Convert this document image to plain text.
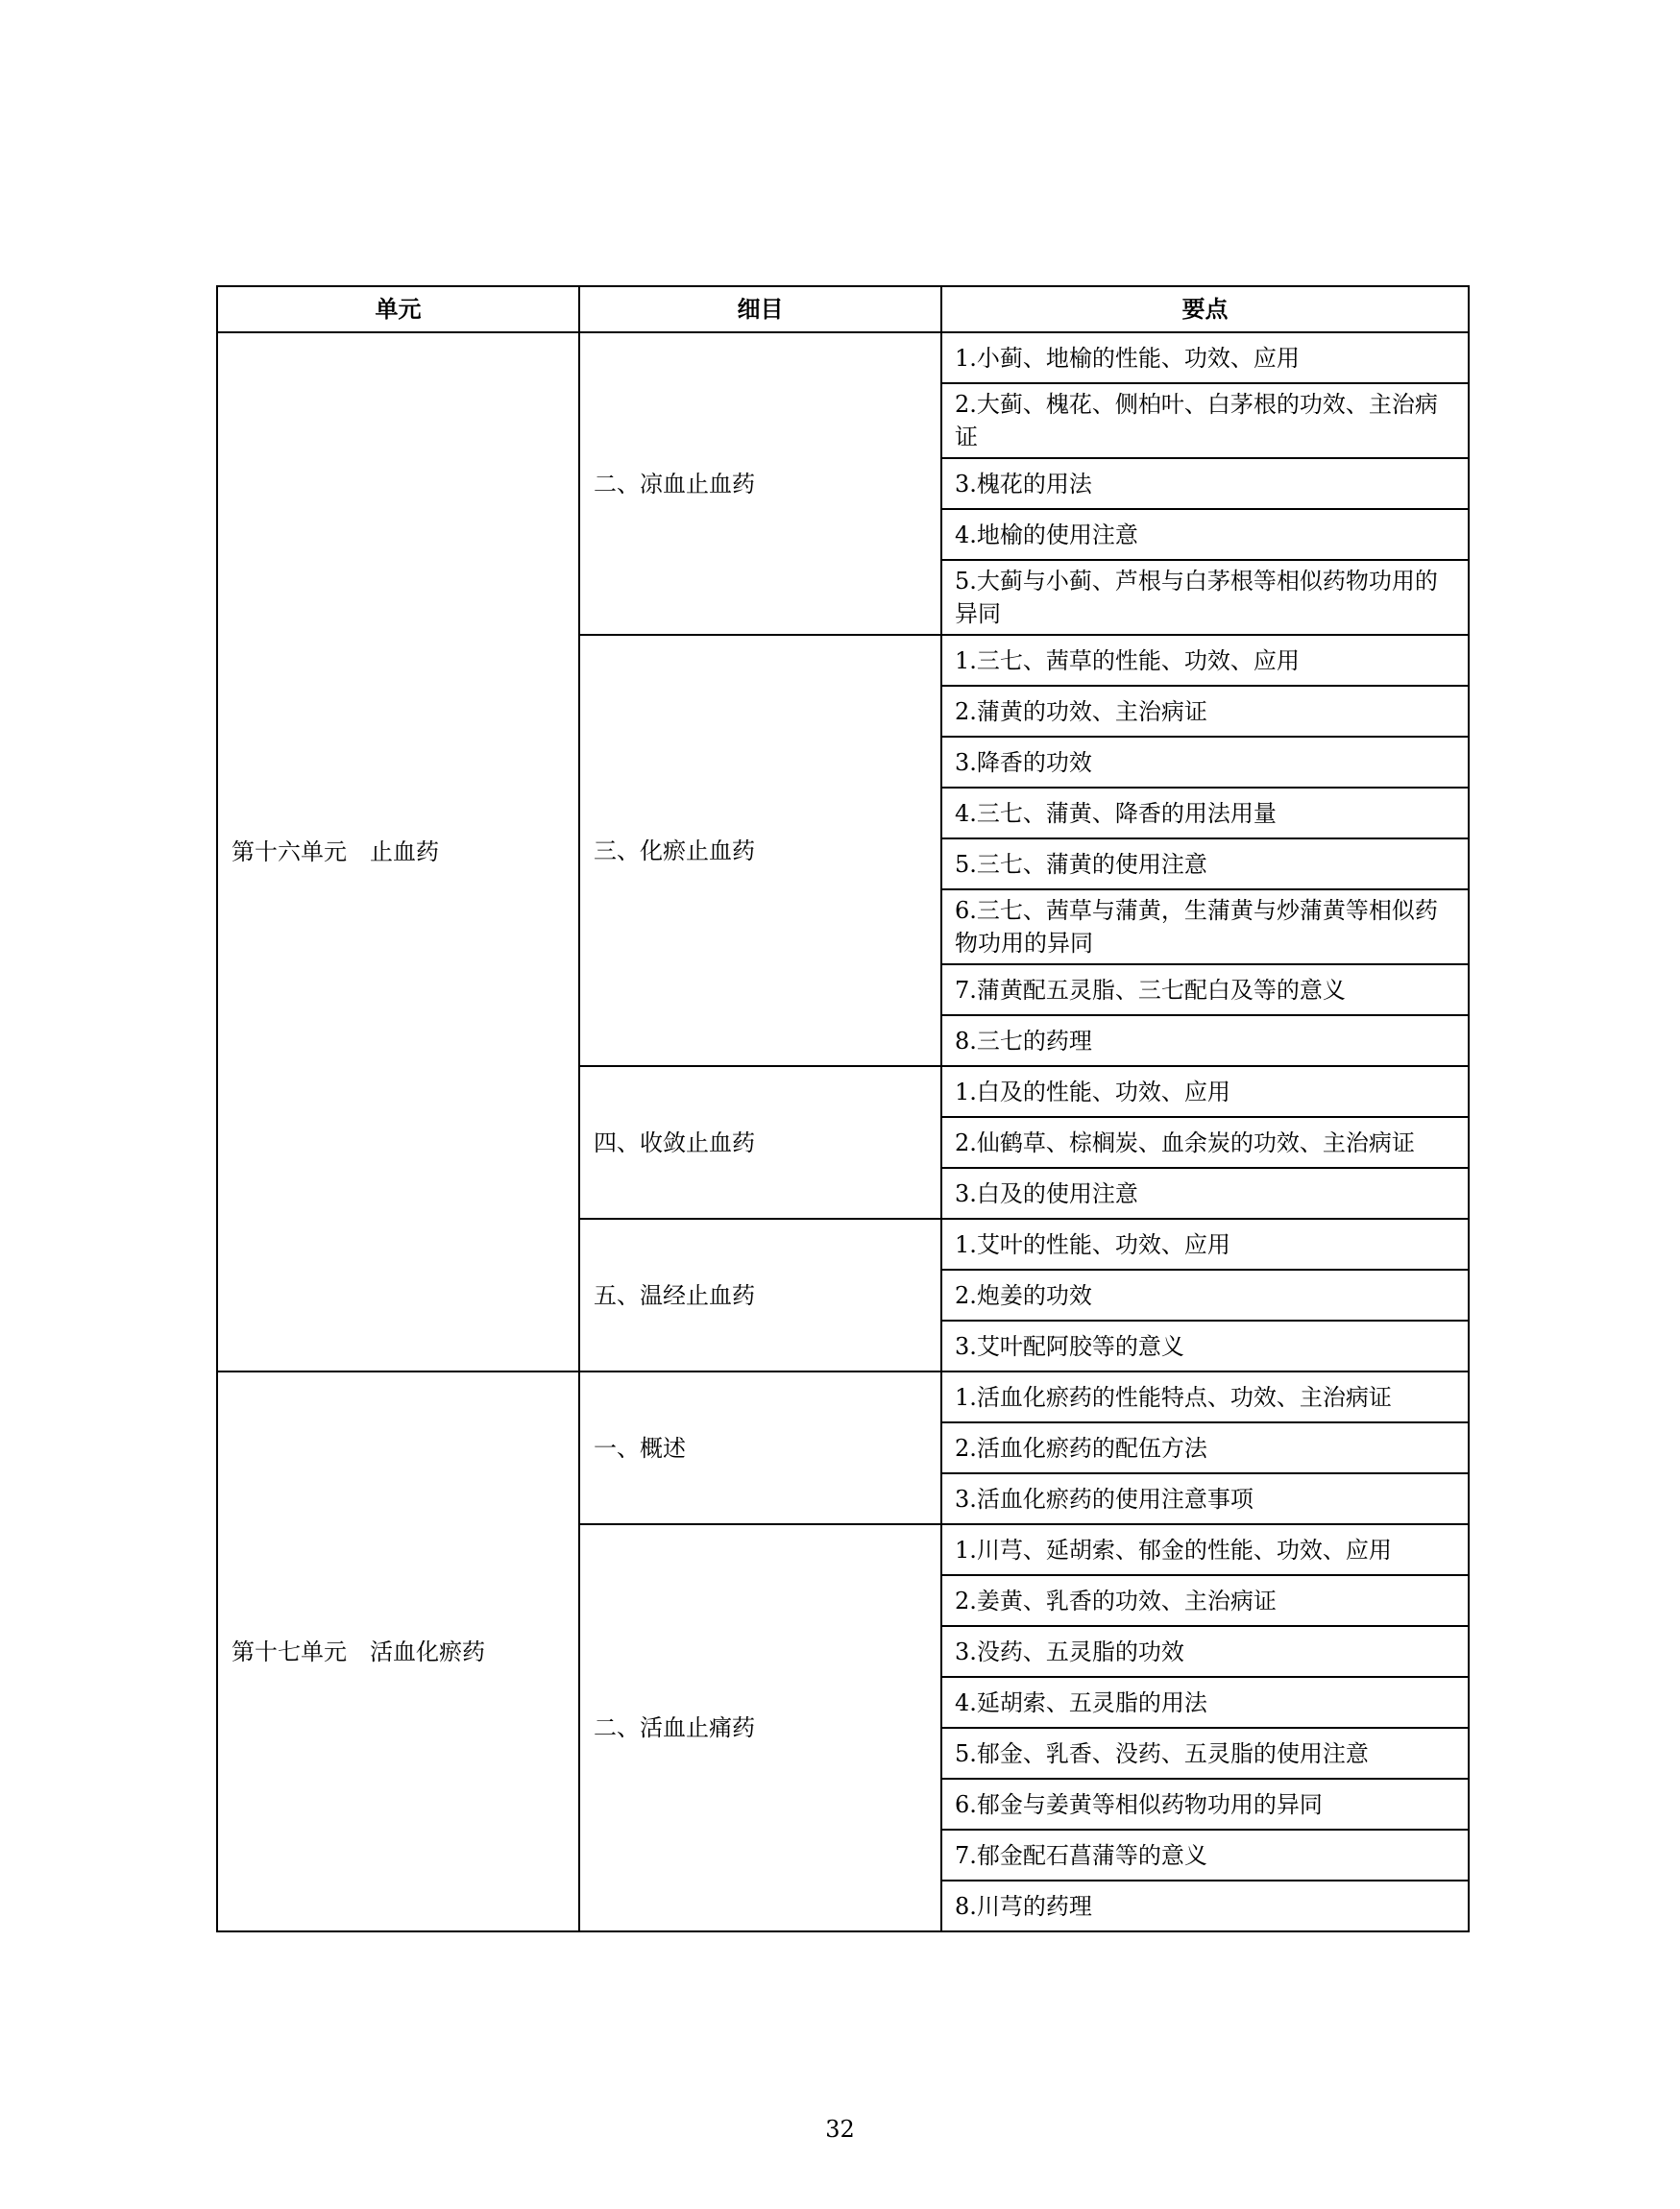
单元	细目	要点
第十六单元　止血药	二、凉血止血药	1.小蓟、地榆的性能、功效、应用
		2.大蓟、槐花、侧柏叶、白茅根的功效、主治病证
		3.槐花的用法
		4.地榆的使用注意
		5.大蓟与小蓟、芦根与白茅根等相似药物功用的异同
	三、化瘀止血药	1.三七、茜草的性能、功效、应用
		2.蒲黄的功效、主治病证
		3.降香的功效
		4.三七、蒲黄、降香的用法用量
		5.三七、蒲黄的使用注意
		6.三七、茜草与蒲黄，生蒲黄与炒蒲黄等相似药物功用的异同
		7.蒲黄配五灵脂、三七配白及等的意义
		8.三七的药理
	四、收敛止血药	1.白及的性能、功效、应用
		2.仙鹤草、棕榈炭、血余炭的功效、主治病证
		3.白及的使用注意
	五、温经止血药	1.艾叶的性能、功效、应用
		2.炮姜的功效
		3.艾叶配阿胶等的意义
第十七单元　活血化瘀药	一、概述	1.活血化瘀药的性能特点、功效、主治病证
		2.活血化瘀药的配伍方法
		3.活血化瘀药的使用注意事项
	二、活血止痛药	1.川芎、延胡索、郁金的性能、功效、应用
		2.姜黄、乳香的功效、主治病证
		3.没药、五灵脂的功效
		4.延胡索、五灵脂的用法
		5.郁金、乳香、没药、五灵脂的使用注意
		6.郁金与姜黄等相似药物功用的异同
		7.郁金配石菖蒲等的意义
		8.川芎的药理
32
